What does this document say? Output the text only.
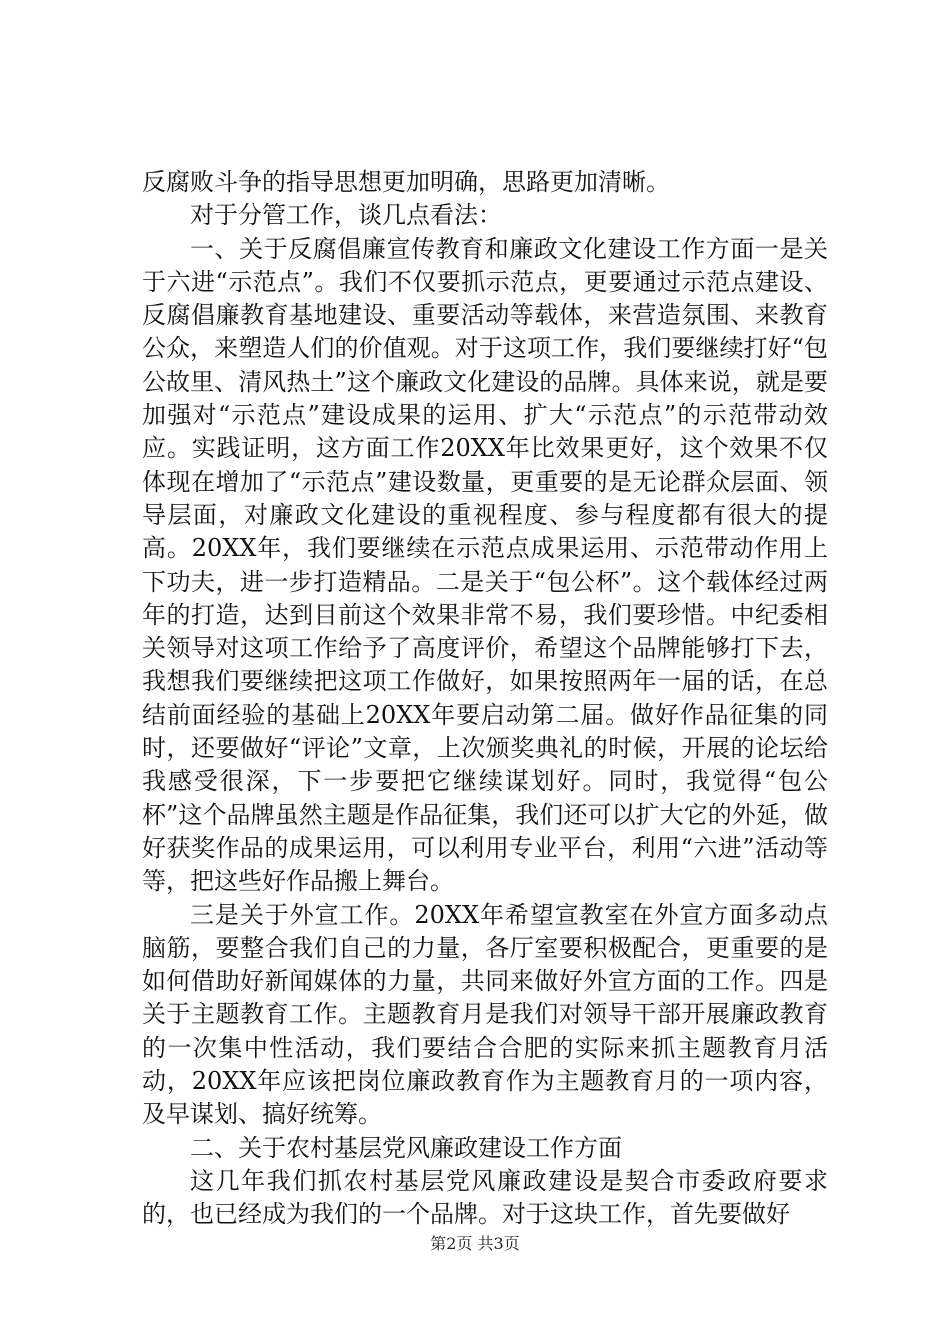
反腐败斗争的指导思想更加明确，思路更加清晰。

对于分管工作，谈几点看法：

一、关于反腐倡廉宣传教育和廉政文化建设工作方面一是关于六进“示范点”。我们不仅要抓示范点，更要通过示范点建设、反腐倡廉教育基地建设、重要活动等载体，来营造氛围、来教育公众，来塑造人们的价值观。对于这项工作，我们要继续打好“包公故里、清风热土”这个廉政文化建设的品牌。具体来说，就是要加强对“示范点”建设成果的运用、扩大“示范点”的示范带动效应。实践证明，这方面工作20XX年比效果更好，这个效果不仅体现在增加了“示范点”建设数量，更重要的是无论群众层面、领导层面，对廉政文化建设的重视程度、参与程度都有很大的提高。20XX年，我们要继续在示范点成果运用、示范带动作用上下功夫，进一步打造精品。二是关于“包公杯”。这个载体经过两年的打造，达到目前这个效果非常不易，我们要珍惜。中纪委相关领导对这项工作给予了高度评价，希望这个品牌能够打下去，我想我们要继续把这项工作做好，如果按照两年一届的话，在总结前面经验的基础上20XX年要启动第二届。做好作品征集的同时，还要做好“评论”文章，上次颁奖典礼的时候，开展的论坛给我感受很深，下一步要把它继续谋划好。同时，我觉得“包公杯”这个品牌虽然主题是作品征集，我们还可以扩大它的外延，做好获奖作品的成果运用，可以利用专业平台，利用“六进”活动等等，把这些好作品搬上舞台。

三是关于外宣工作。20XX年希望宣教室在外宣方面多动点脑筋，要整合我们自己的力量，各厅室要积极配合，更重要的是如何借助好新闻媒体的力量，共同来做好外宣方面的工作。四是关于主题教育工作。主题教育月是我们对领导干部开展廉政教育的一次集中性活动，我们要结合合肥的实际来抓主题教育月活动，20XX年应该把岗位廉政教育作为主题教育月的一项内容，及早谋划、搞好统筹。

二、关于农村基层党风廉政建设工作方面

这几年我们抓农村基层党风廉政建设是契合市委政府要求的，也已经成为我们的一个品牌。对于这块工作，首先要做好

第2页 共3页
